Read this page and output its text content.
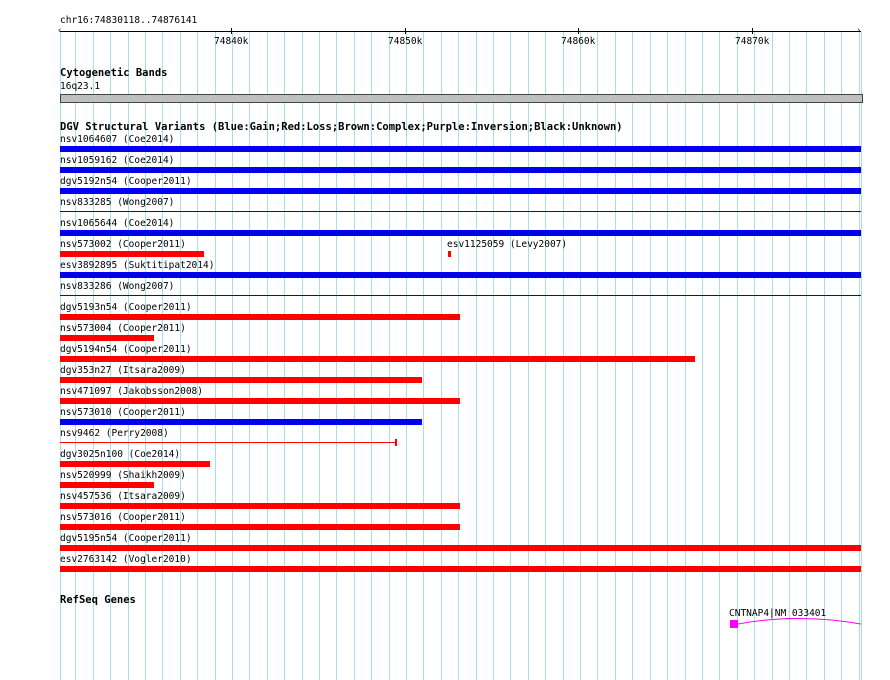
chr16:74830118..74876141
‹	›
74840k	74850k	74860k	74870k
Cytogenetic Bands
16q23.1
DGV Structural Variants (Blue:Gain;Red:Loss;Brown:Complex;Purple:Inversion;Black:Unknown)
nsv1064607 (Coe2014)
nsv1059162 (Coe2014)
dgv5192n54 (Cooper2011)
nsv833285 (Wong2007)
nsv1065644 (Coe2014)
nsv573002 (Cooper2011)
esv3892895 (Suktitipat2014)
nsv833286 (Wong2007)
dgv5193n54 (Cooper2011)
nsv573004 (Cooper2011)
dgv5194n54 (Cooper2011)
dgv353n27 (Itsara2009)
nsv471097 (Jakobsson2008)
nsv573010 (Cooper2011)
nsv9462 (Perry2008)
dgv3025n100 (Coe2014)
nsv520999 (Shaikh2009)
nsv457536 (Itsara2009)
nsv573016 (Cooper2011)
dgv5195n54 (Cooper2011)
esv2763142 (Vogler2010)
esv1125059 (Levy2007)
RefSeq Genes
CNTNAP4|NM_033401
